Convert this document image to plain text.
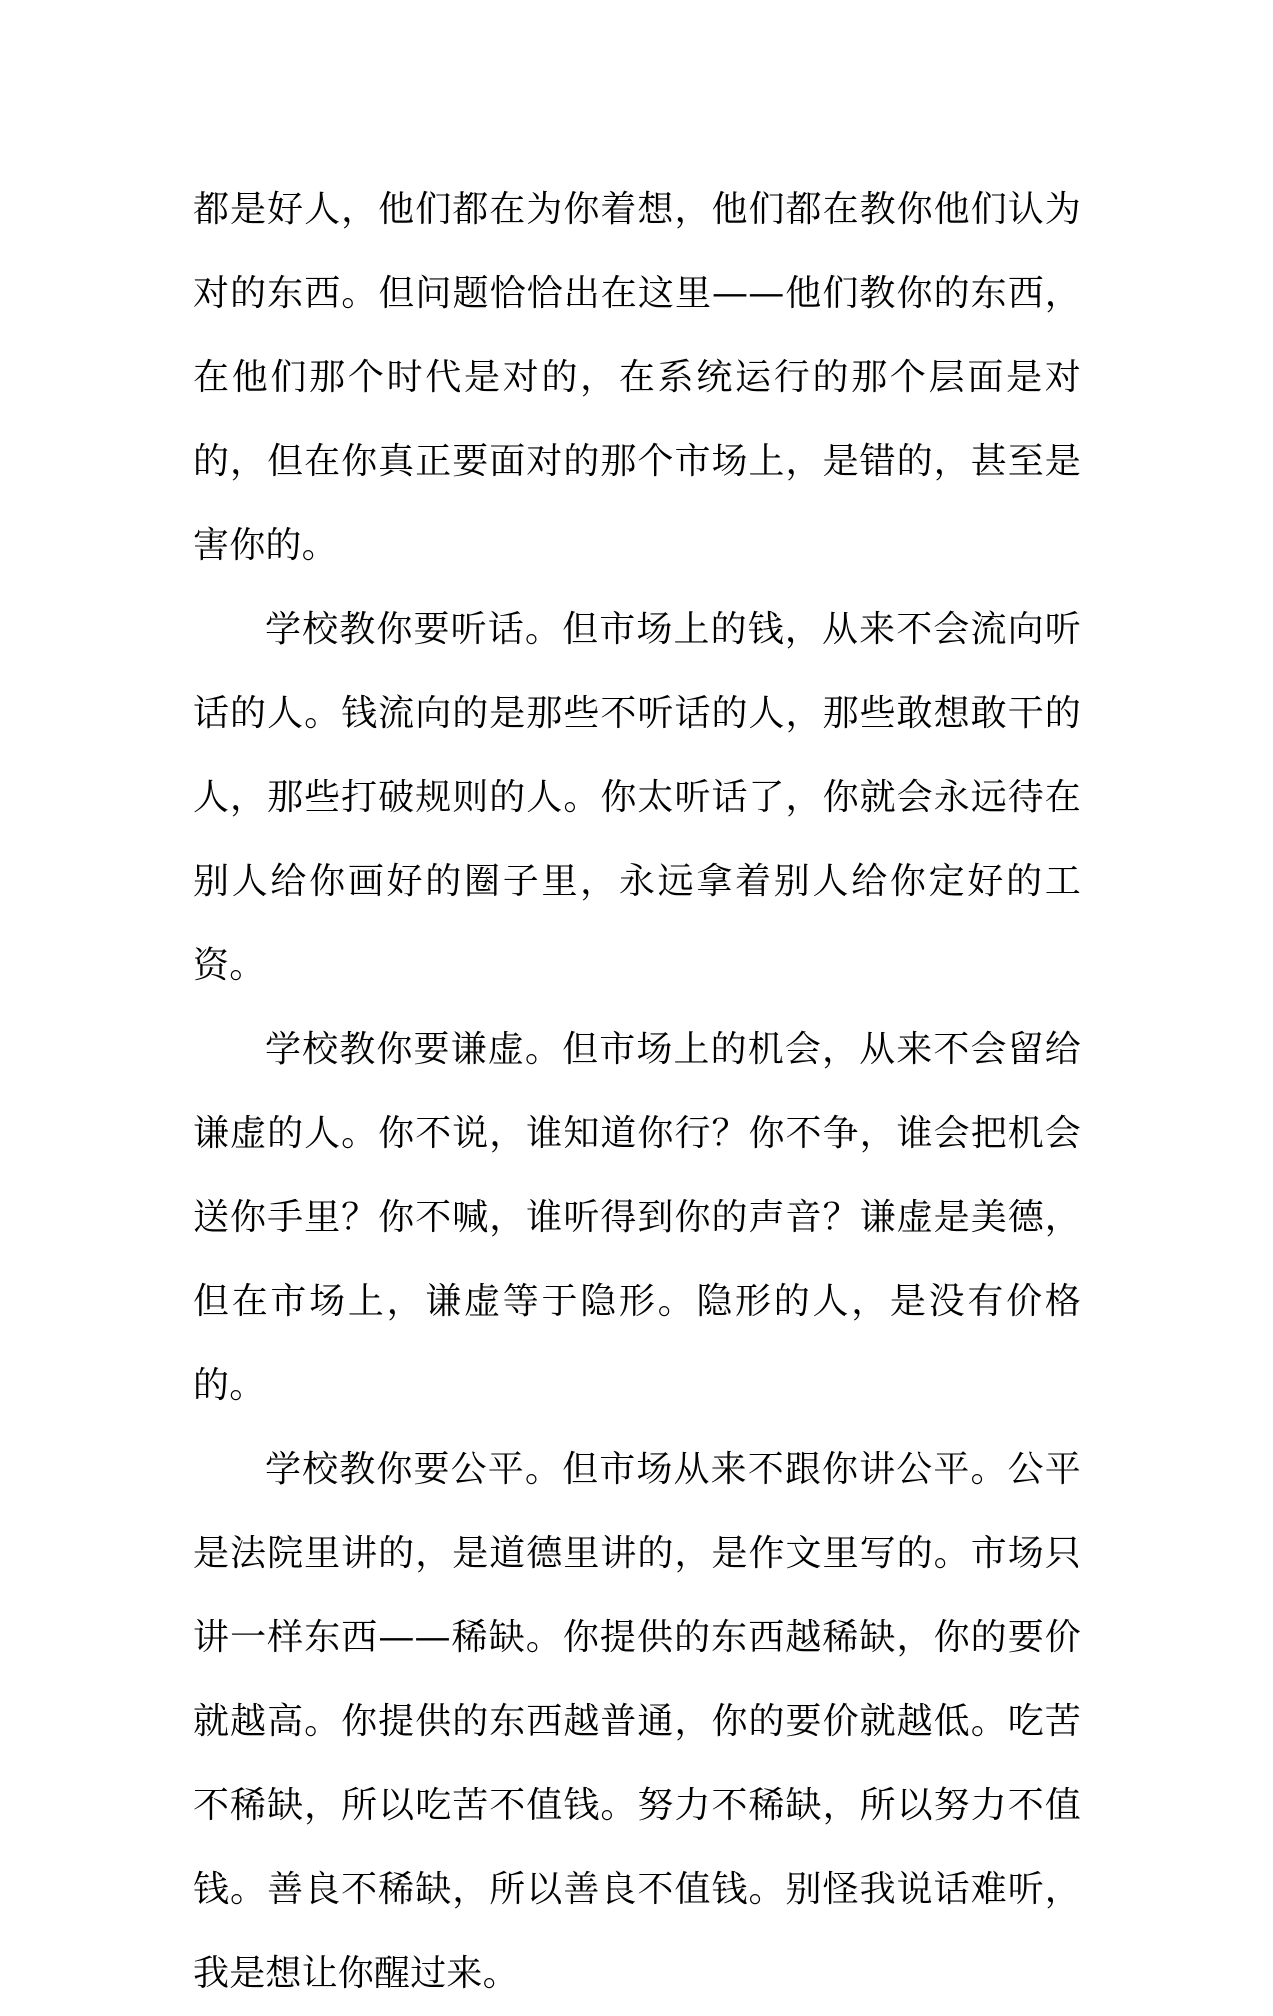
都是好人，他们都在为你着想，他们都在教你他们认为对的东西。但问题恰恰出在这里——他们教你的东西，在他们那个时代是对的，在系统运行的那个层面是对的，但在你真正要面对的那个市场上，是错的，甚至是害你的。

学校教你要听话。但市场上的钱，从来不会流向听话的人。钱流向的是那些不听话的人，那些敢想敢干的人，那些打破规则的人。你太听话了，你就会永远待在别人给你画好的圈子里，永远拿着别人给你定好的工资。

学校教你要谦虚。但市场上的机会，从来不会留给谦虚的人。你不说，谁知道你行？你不争，谁会把机会送你手里？你不喊，谁听得到你的声音？谦虚是美德，但在市场上，谦虚等于隐形。隐形的人，是没有价格的。

学校教你要公平。但市场从来不跟你讲公平。公平是法院里讲的，是道德里讲的，是作文里写的。市场只讲一样东西——稀缺。你提供的东西越稀缺，你的要价就越高。你提供的东西越普通，你的要价就越低。吃苦不稀缺，所以吃苦不值钱。努力不稀缺，所以努力不值钱。善良不稀缺，所以善良不值钱。别怪我说话难听，我是想让你醒过来。
